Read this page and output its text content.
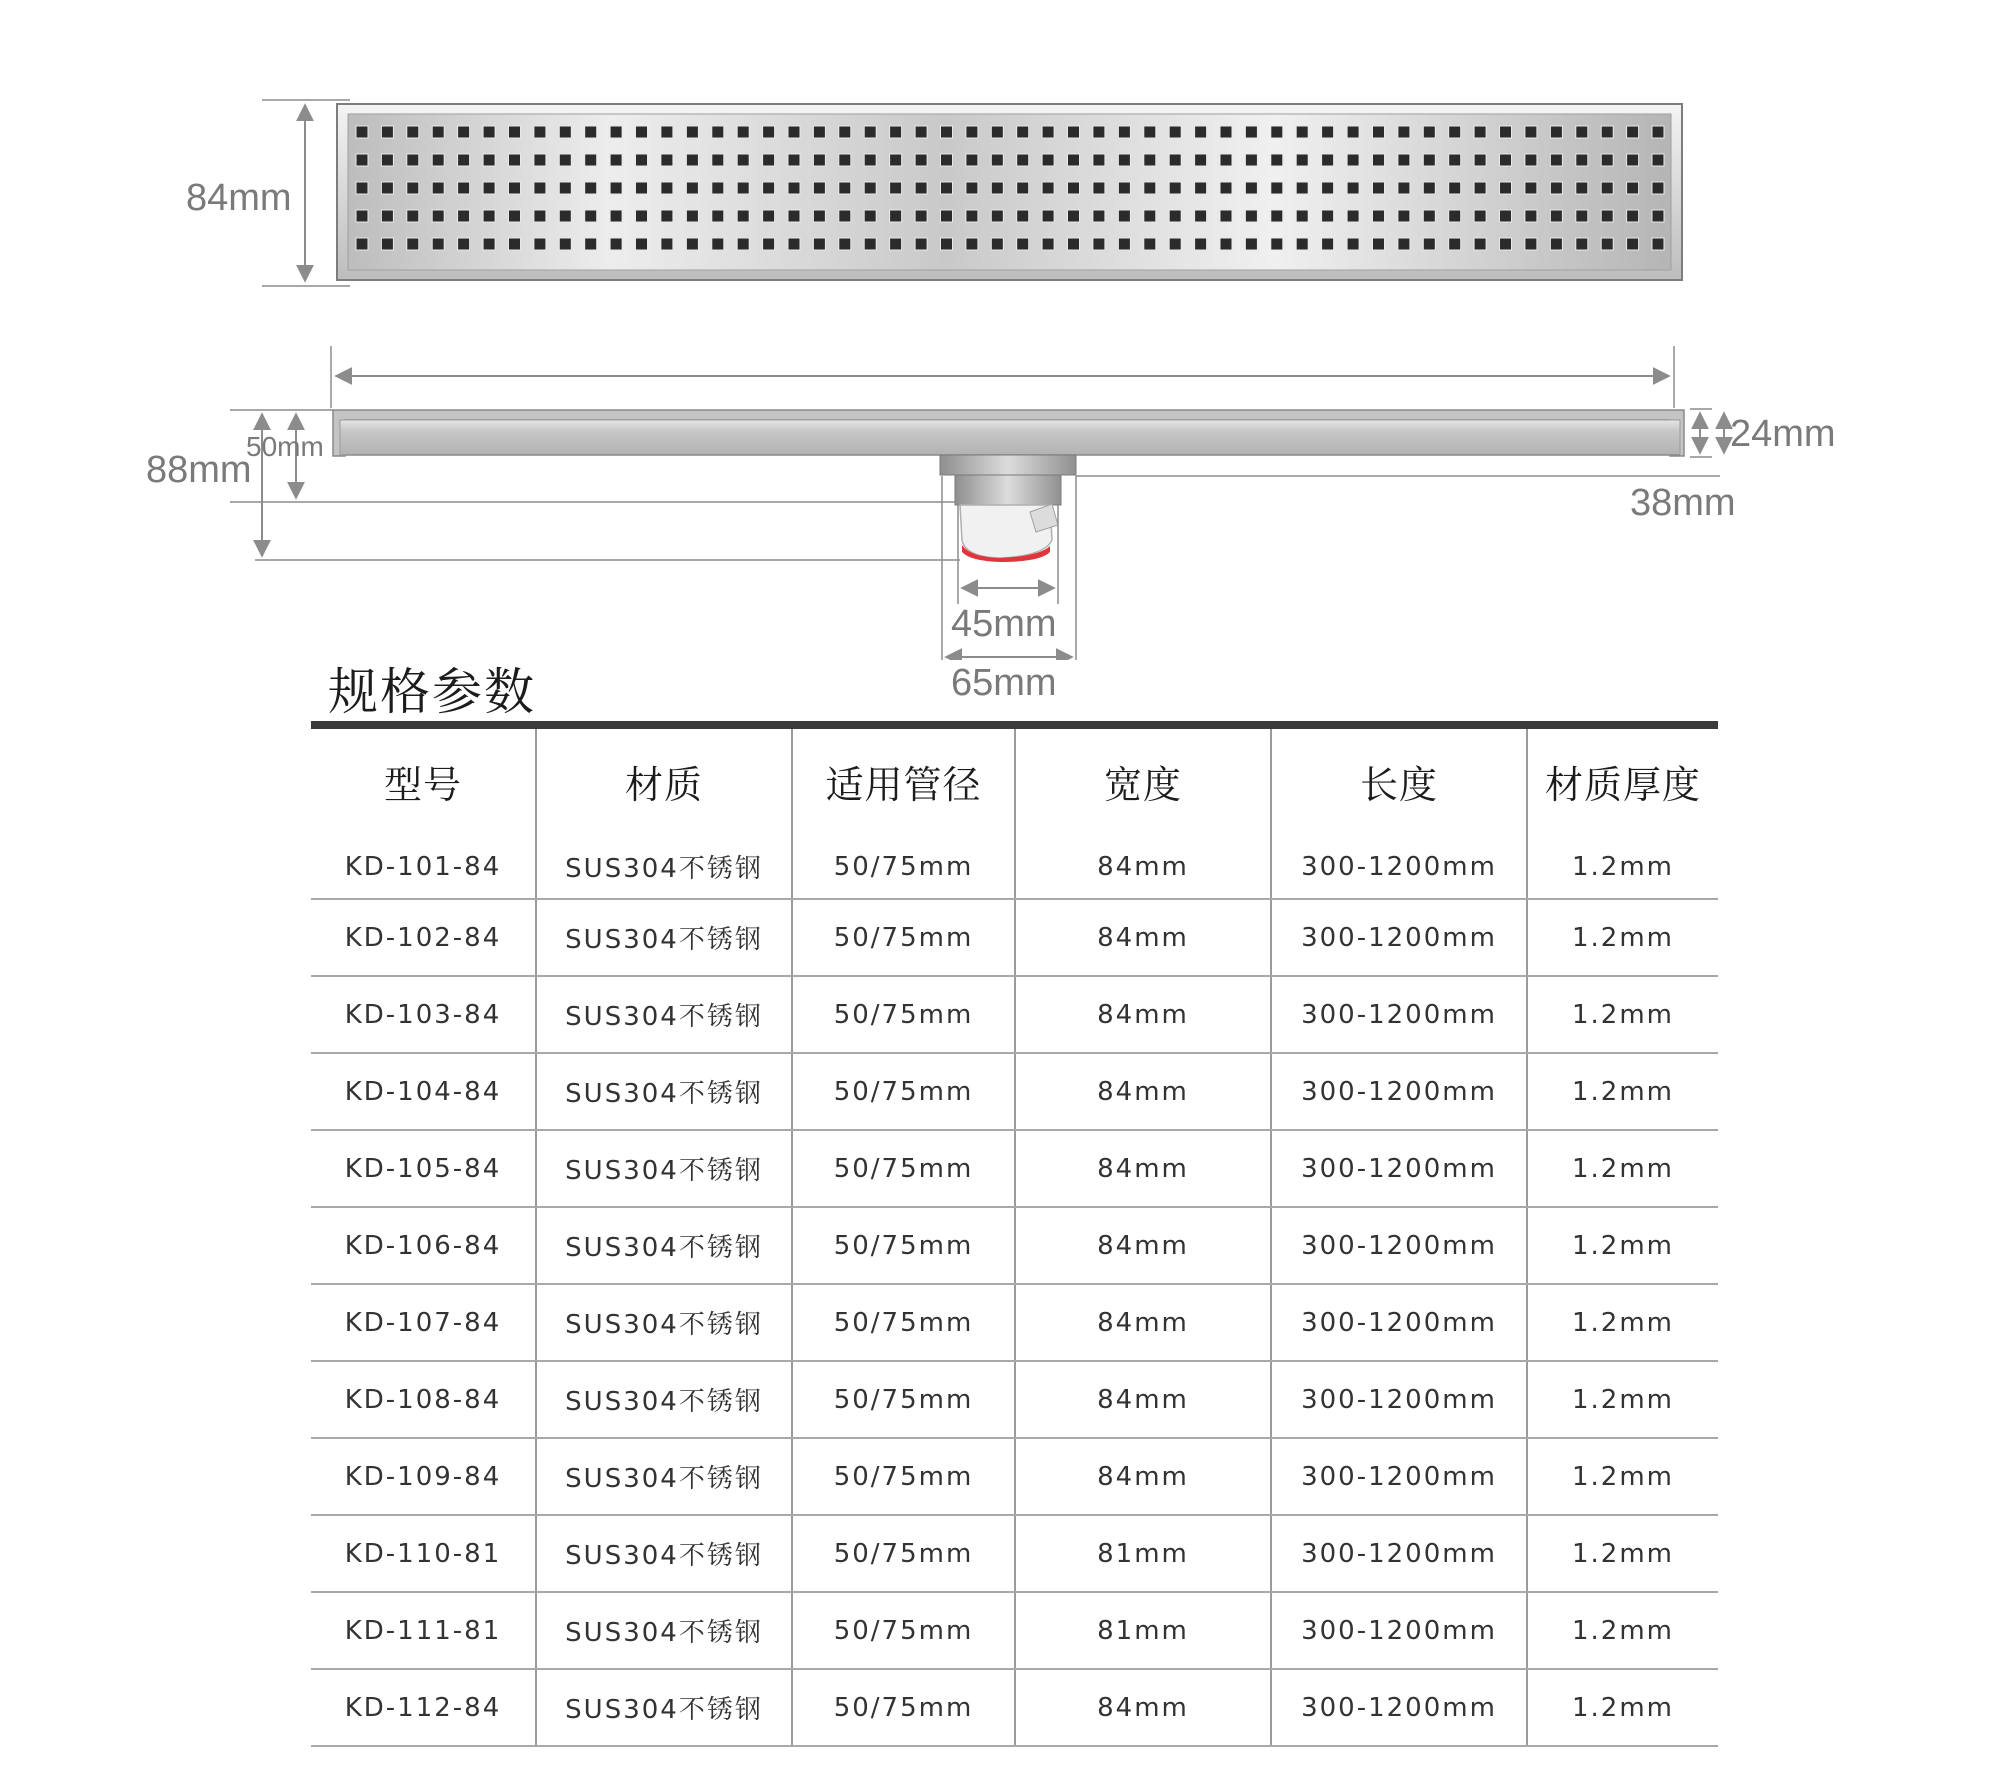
84mm
24mm
38mm
88mm
50mm
45mm
65mm
规格参数
型号	材质	适用管径	宽度	长度	材质厚度
KD-101-84	SUS304不锈钢	50/75mm	84mm	300-1200mm	1.2mm
KD-102-84	SUS304不锈钢	50/75mm	84mm	300-1200mm	1.2mm
KD-103-84	SUS304不锈钢	50/75mm	84mm	300-1200mm	1.2mm
KD-104-84	SUS304不锈钢	50/75mm	84mm	300-1200mm	1.2mm
KD-105-84	SUS304不锈钢	50/75mm	84mm	300-1200mm	1.2mm
KD-106-84	SUS304不锈钢	50/75mm	84mm	300-1200mm	1.2mm
KD-107-84	SUS304不锈钢	50/75mm	84mm	300-1200mm	1.2mm
KD-108-84	SUS304不锈钢	50/75mm	84mm	300-1200mm	1.2mm
KD-109-84	SUS304不锈钢	50/75mm	84mm	300-1200mm	1.2mm
KD-110-81	SUS304不锈钢	50/75mm	81mm	300-1200mm	1.2mm
KD-111-81	SUS304不锈钢	50/75mm	81mm	300-1200mm	1.2mm
KD-112-84	SUS304不锈钢	50/75mm	84mm	300-1200mm	1.2mm
